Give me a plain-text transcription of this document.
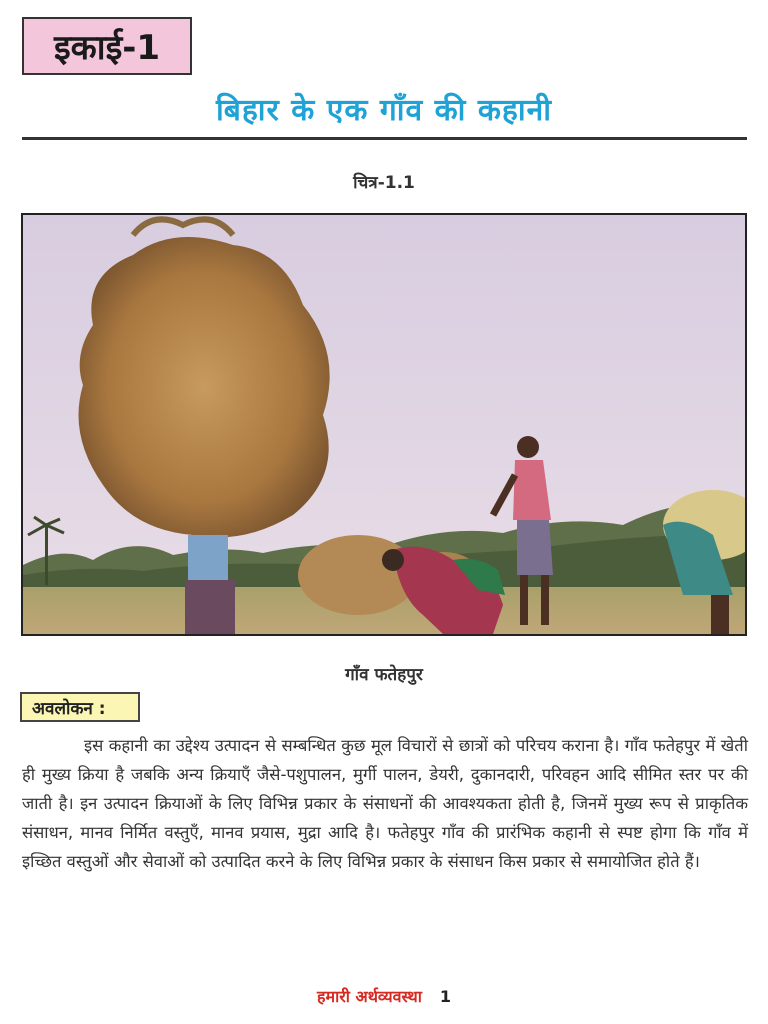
इकाई-1
बिहार के एक गाँव की कहानी
चित्र-1.1
गाँव फतेहपुर
अवलोकन :
इस कहानी का उद्देश्य उत्पादन से सम्बन्धित कुछ मूल विचारों से छात्रों को परिचय कराना है। गाँव फतेहपुर में खेती ही मुख्य क्रिया है जबकि अन्य क्रियाएँ जैसे-पशुपालन, मुर्गी पालन, डेयरी, दुकानदारी, परिवहन आदि सीमित स्तर पर की जाती है। इन उत्पादन क्रियाओं के लिए विभिन्न प्रकार के संसाधनों की आवश्यकता होती है, जिनमें मुख्य रूप से प्राकृतिक संसाधन, मानव निर्मित वस्तुएँ, मानव प्रयास, मुद्रा आदि है। फतेहपुर गाँव की प्रारंभिक कहानी से स्पष्ट होगा कि गाँव में इच्छित वस्तुओं और सेवाओं को उत्पादित करने के लिए विभिन्न प्रकार के संसाधन किस प्रकार से समायोजित होते हैं।
हमारी अर्थव्यवस्था 1
